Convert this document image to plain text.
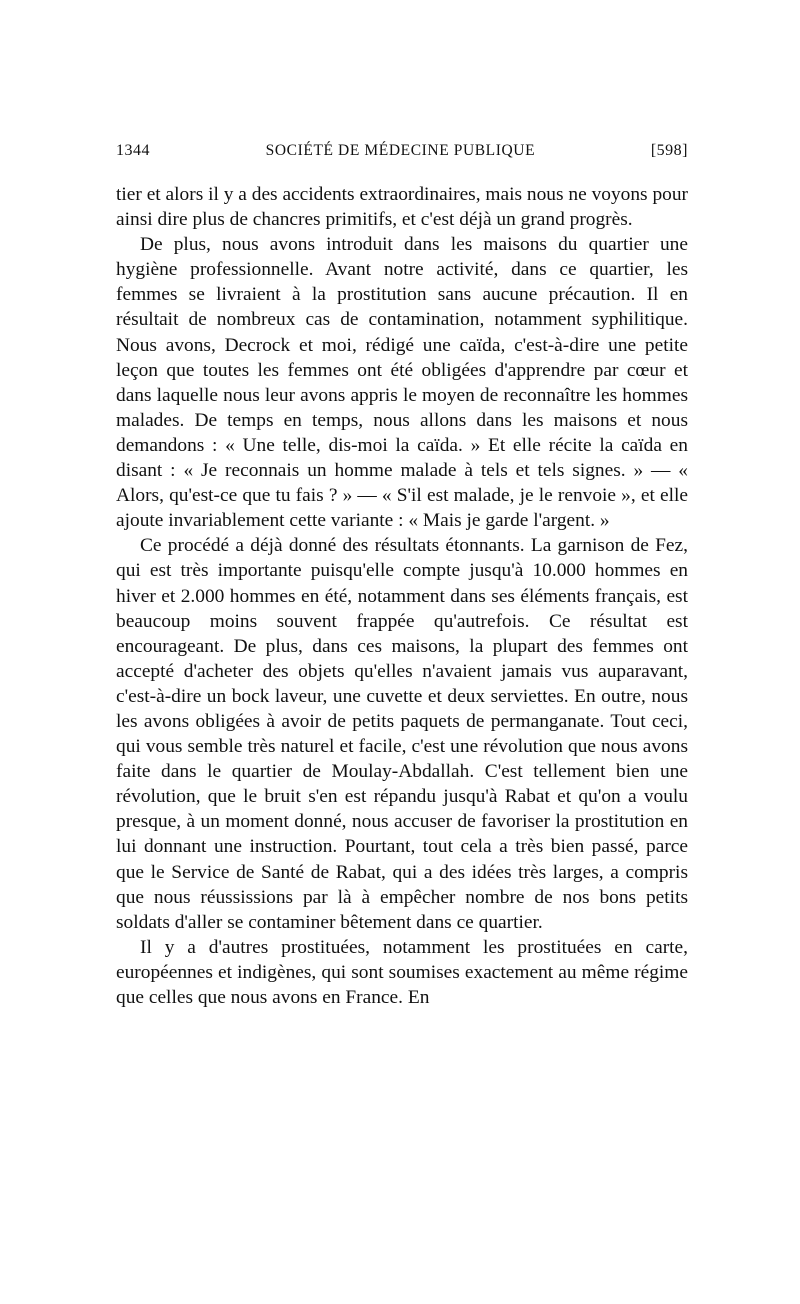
1344	SOCIÉTÉ DE MÉDECINE PUBLIQUE	[598]

tier et alors il y a des accidents extraordinaires, mais nous ne voyons pour ainsi dire plus de chancres primitifs, et c'est déjà un grand progrès.

De plus, nous avons introduit dans les maisons du quartier une hygiène professionnelle. Avant notre activité, dans ce quartier, les femmes se livraient à la prostitution sans aucune précaution. Il en résultait de nombreux cas de contamination, notamment syphilitique. Nous avons, Decrock et moi, rédigé une caïda, c'est-à-dire une petite leçon que toutes les femmes ont été obligées d'apprendre par cœur et dans laquelle nous leur avons appris le moyen de reconnaître les hommes malades. De temps en temps, nous allons dans les maisons et nous demandons : « Une telle, dis-moi la caïda. » Et elle récite la caïda en disant : « Je reconnais un homme malade à tels et tels signes. » — « Alors, qu'est-ce que tu fais ? » — « S'il est malade, je le renvoie », et elle ajoute invariablement cette variante : « Mais je garde l'argent. »

Ce procédé a déjà donné des résultats étonnants. La garnison de Fez, qui est très importante puisqu'elle compte jusqu'à 10.000 hommes en hiver et 2.000 hommes en été, notamment dans ses éléments français, est beaucoup moins souvent frappée qu'autrefois. Ce résultat est encourageant. De plus, dans ces maisons, la plupart des femmes ont accepté d'acheter des objets qu'elles n'avaient jamais vus auparavant, c'est-à-dire un bock laveur, une cuvette et deux serviettes. En outre, nous les avons obligées à avoir de petits paquets de permanganate. Tout ceci, qui vous semble très naturel et facile, c'est une révolution que nous avons faite dans le quartier de Moulay-Abdallah. C'est tellement bien une révolution, que le bruit s'en est répandu jusqu'à Rabat et qu'on a voulu presque, à un moment donné, nous accuser de favoriser la prostitution en lui donnant une instruction. Pourtant, tout cela a très bien passé, parce que le Service de Santé de Rabat, qui a des idées très larges, a compris que nous réussissions par là à empêcher nombre de nos bons petits soldats d'aller se contaminer bêtement dans ce quartier.

Il y a d'autres prostituées, notamment les prostituées en carte, européennes et indigènes, qui sont soumises exactement au même régime que celles que nous avons en France. En
